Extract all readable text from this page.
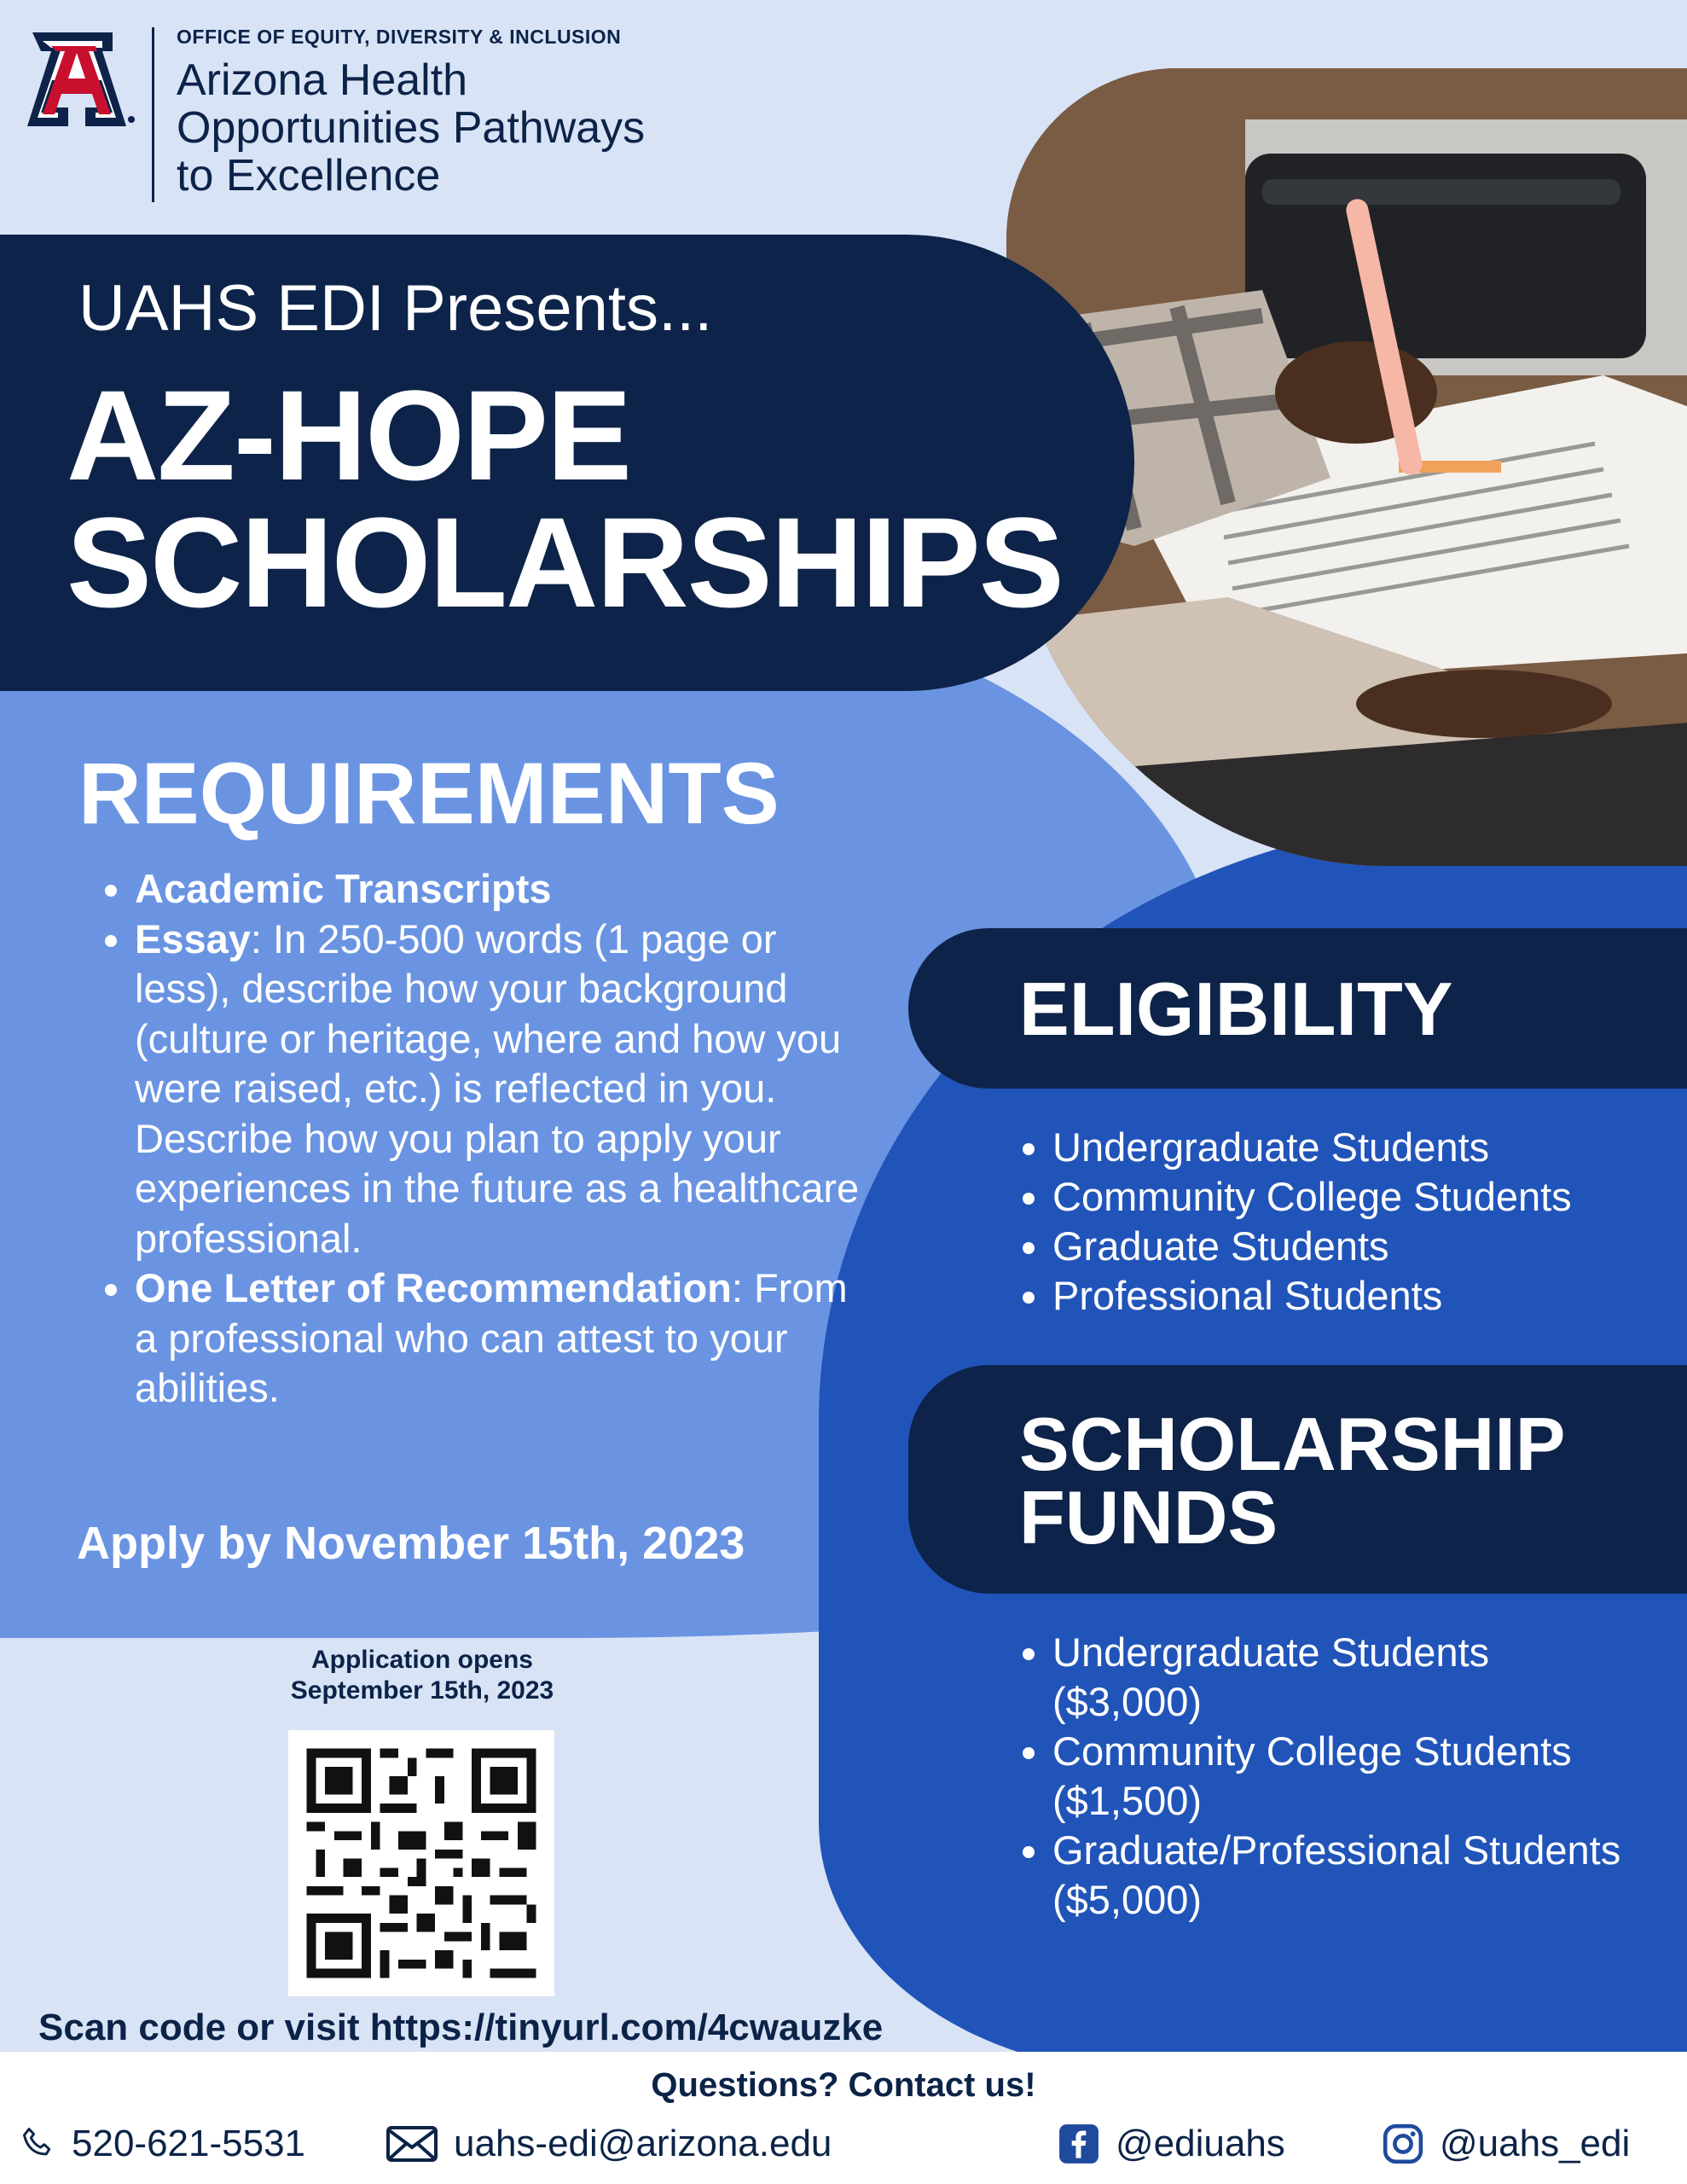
OFFICE OF EQUITY, DIVERSITY & INCLUSION
Arizona Health
Opportunities Pathways
to Excellence
UAHS EDI Presents...
AZ-HOPE
SCHOLARSHIPS
REQUIREMENTS
• Academic Transcripts
• Essay: In 250-500 words (1 page or less), describe how your background (culture or heritage, where and how you were raised, etc.) is reflected in you. Describe how you plan to apply your experiences in the future as a healthcare professional.
• One Letter of Recommendation: From a professional who can attest to your abilities.
Apply by November 15th, 2023
Application opens
September 15th, 2023
Scan code or visit https://tinyurl.com/4cwauzke
ELIGIBILITY
• Undergraduate Students
• Community College Students
• Graduate Students
• Professional Students
SCHOLARSHIP
FUNDS
• Undergraduate Students
($3,000)
• Community College Students
($1,500)
• Graduate/Professional Students
($5,000)
Questions? Contact us!
520-621-5531	uahs-edi@arizona.edu	@ediuahs	@uahs_edi
